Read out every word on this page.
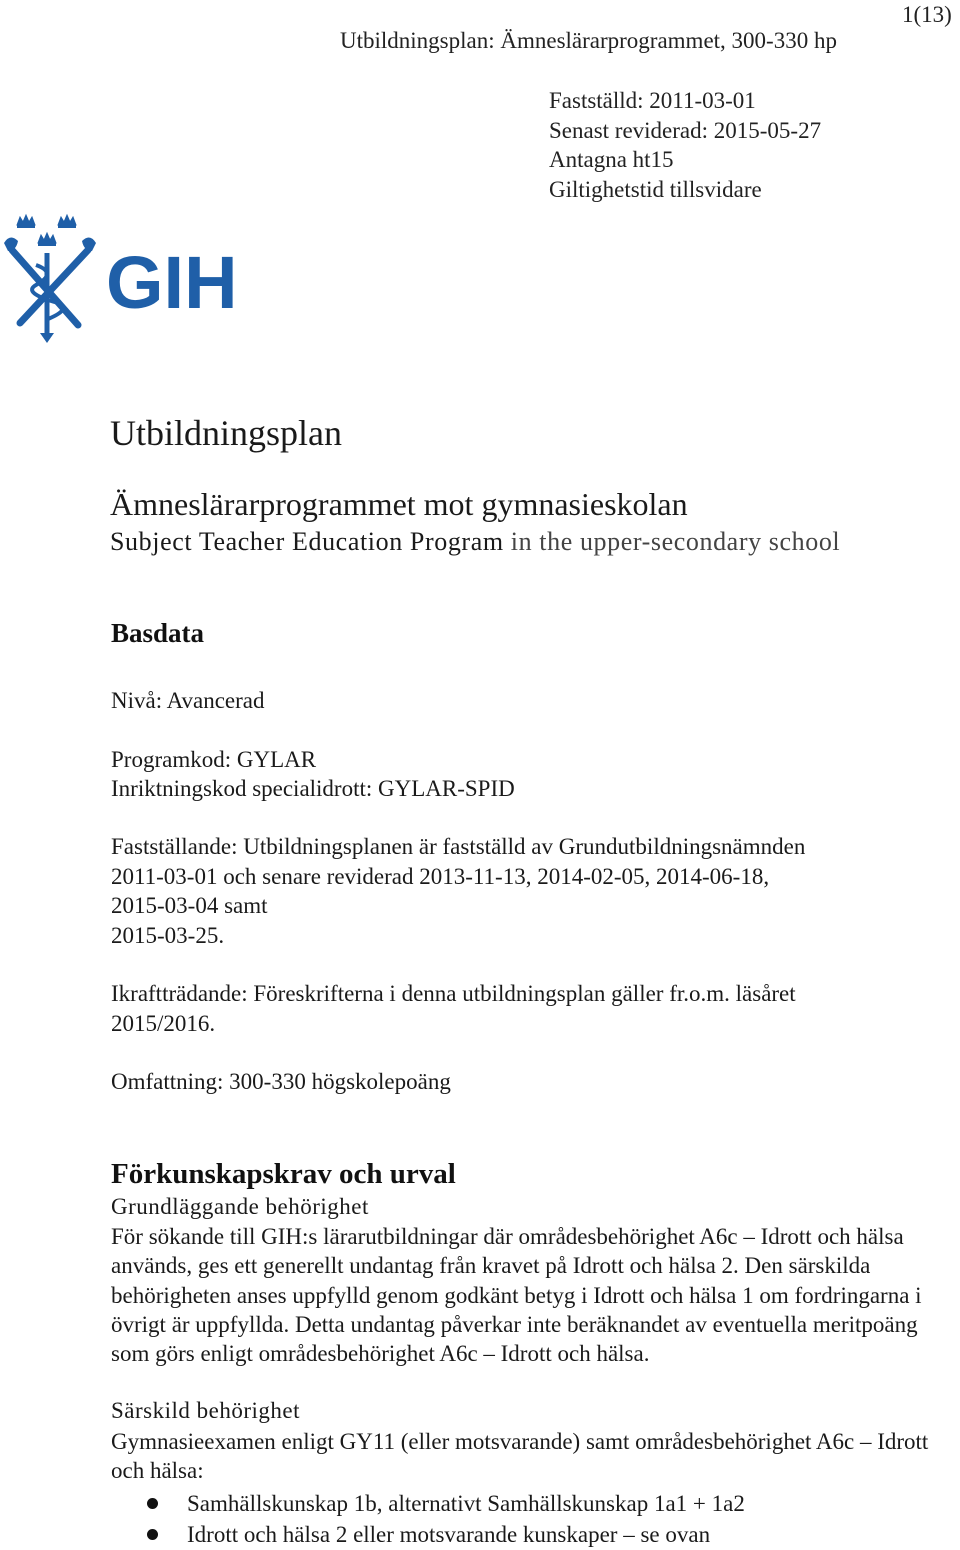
1(13)
Utbildningsplan: Ämneslärarprogrammet, 300-330 hp
Fastställd: 2011-03-01
Senast reviderad: 2015-05-27
Antagna ht15
Giltighetstid tillsvidare
GIH
Utbildningsplan
Ämneslärarprogrammet mot gymnasieskolan
Subject Teacher Education Program in the upper-secondary school
Basdata
Nivå: Avancerad
Programkod: GYLAR
Inriktningskod specialidrott: GYLAR-SPID
Fastställande: Utbildningsplanen är fastställd av Grundutbildningsnämnden
2011-03-01 och senare reviderad 2013-11-13, 2014-02-05, 2014-06-18,
2015-03-04 samt
2015-03-25.
Ikraftträdande: Föreskrifterna i denna utbildningsplan gäller fr.o.m. läsåret
2015/2016.
Omfattning: 300-330 högskolepoäng
Förkunskapskrav och urval
Grundläggande behörighet

För sökande till GIH:s lärarutbildningar där områdesbehörighet A6c – Idrott och hälsa används, ges ett generellt undantag från kravet på Idrott och hälsa 2. Den särskilda behörigheten anses uppfylld genom godkänt betyg i Idrott och hälsa 1 om fordringarna i övrigt är uppfyllda. Detta undantag påverkar inte beräknandet av eventuella meritpoäng som görs enligt områdesbehörighet A6c – Idrott och hälsa.

Särskild behörighet

Gymnasieexamen enligt GY11 (eller motsvarande) samt områdesbehörighet A6c – Idrott och hälsa:

Samhällskunskap 1b, alternativt Samhällskunskap 1a1 + 1a2
Idrott och hälsa 2 eller motsvarande kunskaper – se ovan
